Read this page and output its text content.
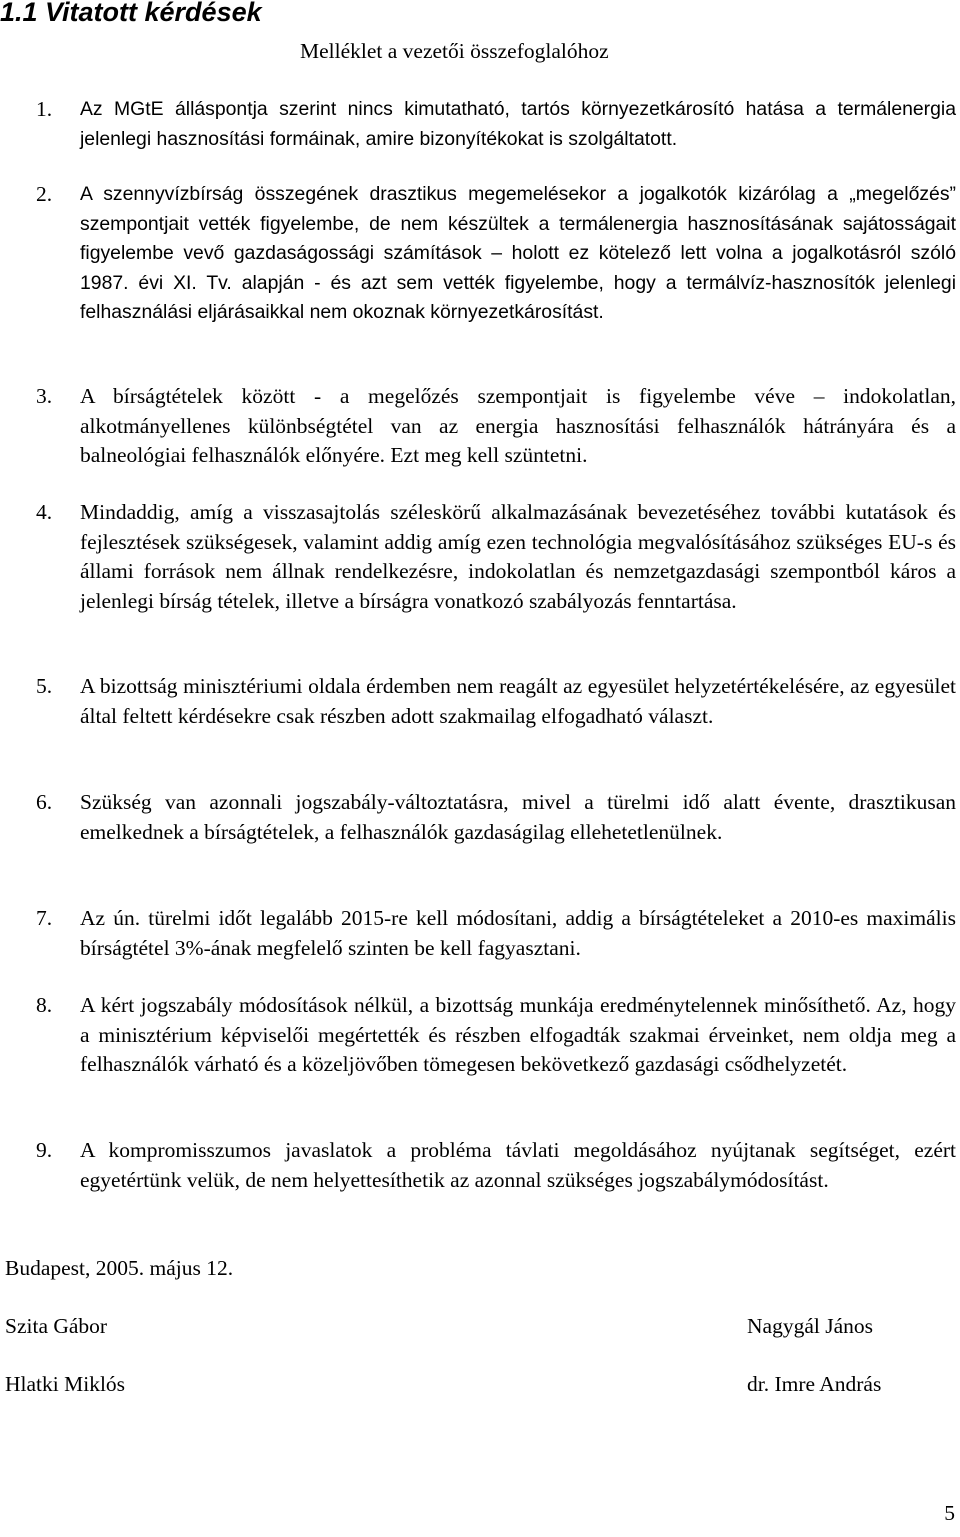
1.1 Vitatott kérdések
Melléklet a vezetői összefoglalóhoz
1. Az MGtE álláspontja szerint nincs kimutatható, tartós környezetkárosító hatása a termálenergia jelenlegi hasznosítási formáinak, amire bizonyítékokat is szolgáltatott.
2. A szennyvízbírság összegének drasztikus megemelésekor a jogalkotók kizárólag a „megelőzés” szempontjait vették figyelembe, de nem készültek a termálenergia hasznosításának sajátosságait figyelembe vevő gazdaságossági számítások – holott ez kötelező lett volna a jogalkotásról szóló 1987. évi XI. Tv. alapján - és azt sem vették figyelembe, hogy a termálvíz-hasznosítók jelenlegi felhasználási eljárásaikkal nem okoznak környezetkárosítást.
3. A bírságtételek között - a megelőzés szempontjait is figyelembe véve – indokolatlan, alkotmányellenes különbségtétel van az energia hasznosítási felhasználók hátrányára és a balneológiai felhasználók előnyére. Ezt meg kell szüntetni.
4. Mindaddig, amíg a visszasajtolás széleskörű alkalmazásának bevezetéséhez további kutatások és fejlesztések szükségesek, valamint addig amíg ezen technológia megvalósításához szükséges EU-s és állami források nem állnak rendelkezésre, indokolatlan és nemzetgazdasági szempontból káros a jelenlegi bírság tételek, illetve a bírságra vonatkozó szabályozás fenntartása.
5. A bizottság minisztériumi oldala érdemben nem reagált az egyesület helyzetértékelésére, az egyesület által feltett kérdésekre csak részben adott szakmailag elfogadható választ.
6. Szükség van azonnali jogszabály-változtatásra, mivel a türelmi idő alatt évente, drasztikusan emelkednek a bírságtételek, a felhasználók gazdaságilag ellehetetlenülnek.
7. Az ún. türelmi időt legalább 2015-re kell módosítani, addig a bírságtételeket a 2010-es maximális bírságtétel 3%-ának megfelelő szinten be kell fagyasztani.
8. A kért jogszabály módosítások nélkül, a bizottság munkája eredménytelennek minősíthető. Az, hogy a minisztérium képviselői megértették és részben elfogadták szakmai érveinket, nem oldja meg a felhasználók várható és a közeljövőben tömegesen bekövetkező gazdasági csődhelyzetét.
9. A kompromisszumos javaslatok a probléma távlati megoldásához nyújtanak segítséget, ezért egyetértünk velük, de nem helyettesíthetik az azonnal szükséges jogszabálymódosítást.
Budapest, 2005. május 12.
Szita Gábor	Nagygál János
Hlatki Miklós	dr. Imre András
5
